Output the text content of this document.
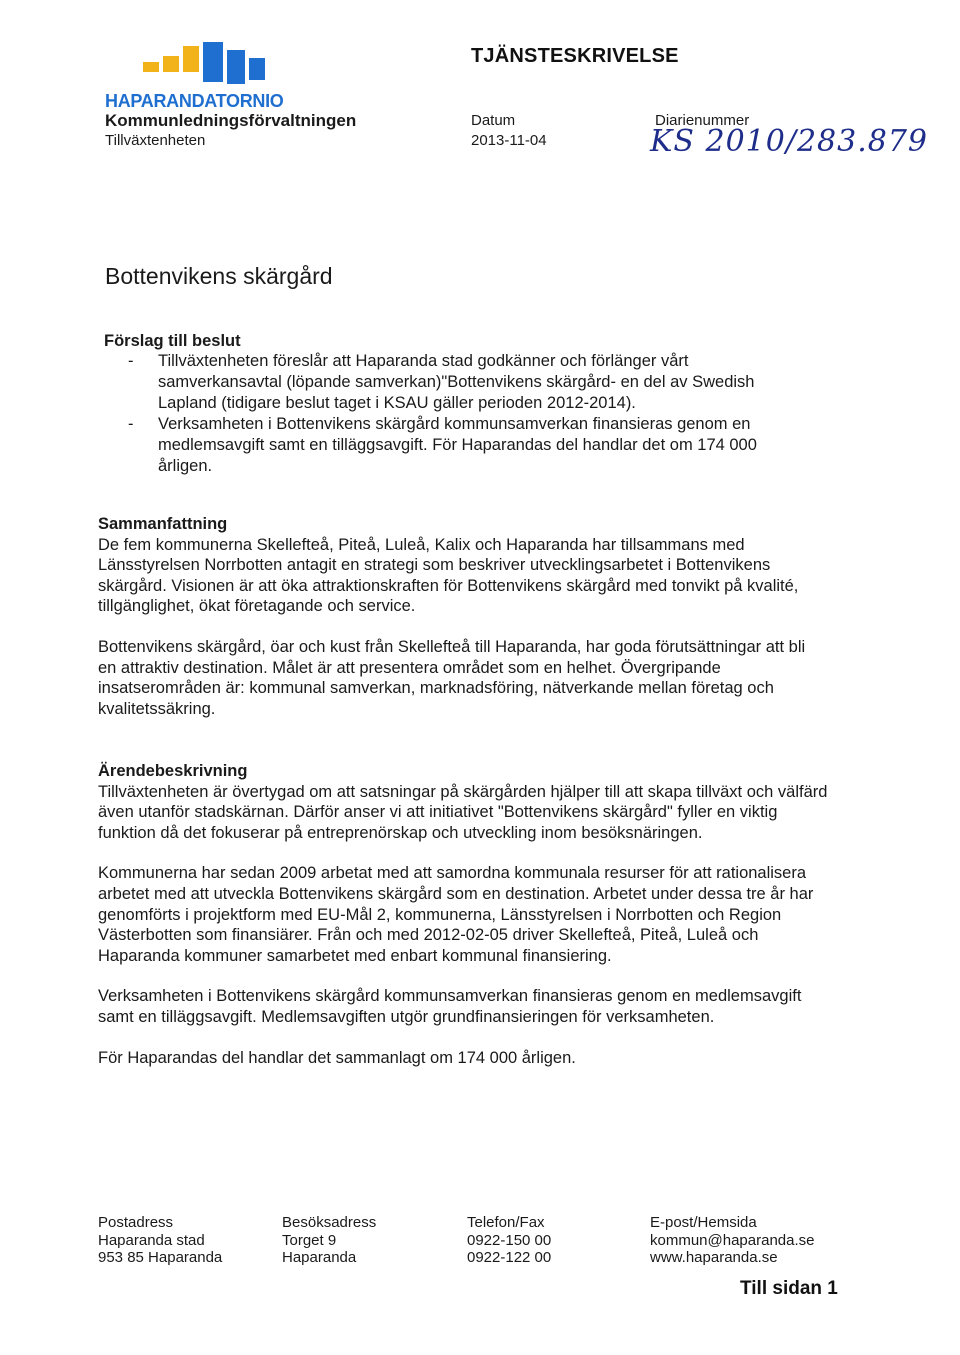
HAPARANDATORNIO
Kommunledningsförvaltningen
Tillväxtenheten
TJÄNSTESKRIVELSE
Datum
2013-11-04
Diarienummer
KS 2010/283.879
Bottenvikens skärgård
Förslag till beslut
- Tillväxtenheten föreslår att Haparanda stad godkänner och förlänger vårt samverkansavtal (löpande samverkan)"Bottenvikens skärgård- en del av Swedish Lapland (tidigare beslut taget i KSAU gäller perioden 2012-2014).
- Verksamheten i Bottenvikens skärgård kommunsamverkan finansieras genom en medlemsavgift samt en tilläggsavgift. För Haparandas del handlar det om 174 000 årligen.
Sammanfattning

De fem kommunerna Skellefteå, Piteå, Luleå, Kalix och Haparanda har tillsammans med Länsstyrelsen Norrbotten antagit en strategi som beskriver utvecklingsarbetet i Bottenvikens skärgård. Visionen är att öka attraktionskraften för Bottenvikens skärgård med tonvikt på kvalité, tillgänglighet, ökat företagande och service.

Bottenvikens skärgård, öar och kust från Skellefteå till Haparanda, har goda förutsättningar att bli en attraktiv destination. Målet är att presentera området som en helhet. Övergripande insatserområden är: kommunal samverkan, marknadsföring, nätverkande mellan företag och kvalitetssäkring.

Ärendebeskrivning

Tillväxtenheten är övertygad om att satsningar på skärgården hjälper till att skapa tillväxt och välfärd även utanför stadskärnan. Därför anser vi att initiativet "Bottenvikens skärgård" fyller en viktig funktion då det fokuserar på entreprenörskap och utveckling inom besöksnäringen.

Kommunerna har sedan 2009 arbetat med att samordna kommunala resurser för att rationalisera arbetet med att utveckla Bottenvikens skärgård som en destination. Arbetet under dessa tre år har genomförts i projektform med EU-Mål 2, kommunerna, Länsstyrelsen i Norrbotten och Region Västerbotten som finansiärer. Från och med 2012-02-05 driver Skellefteå, Piteå, Luleå och Haparanda kommuner samarbetet med enbart kommunal finansiering.

Verksamheten i Bottenvikens skärgård kommunsamverkan finansieras genom en medlemsavgift samt en tilläggsavgift. Medlemsavgiften utgör grundfinansieringen för verksamheten.

För Haparandas del handlar det sammanlagt om 174 000 årligen.

Postadress
Haparanda stad
953 85 Haparanda
Besöksadress
Torget 9
Haparanda
Telefon/Fax
0922-150 00
0922-122 00
E-post/Hemsida
kommun@haparanda.se
www.haparanda.se
Till sidan 1
